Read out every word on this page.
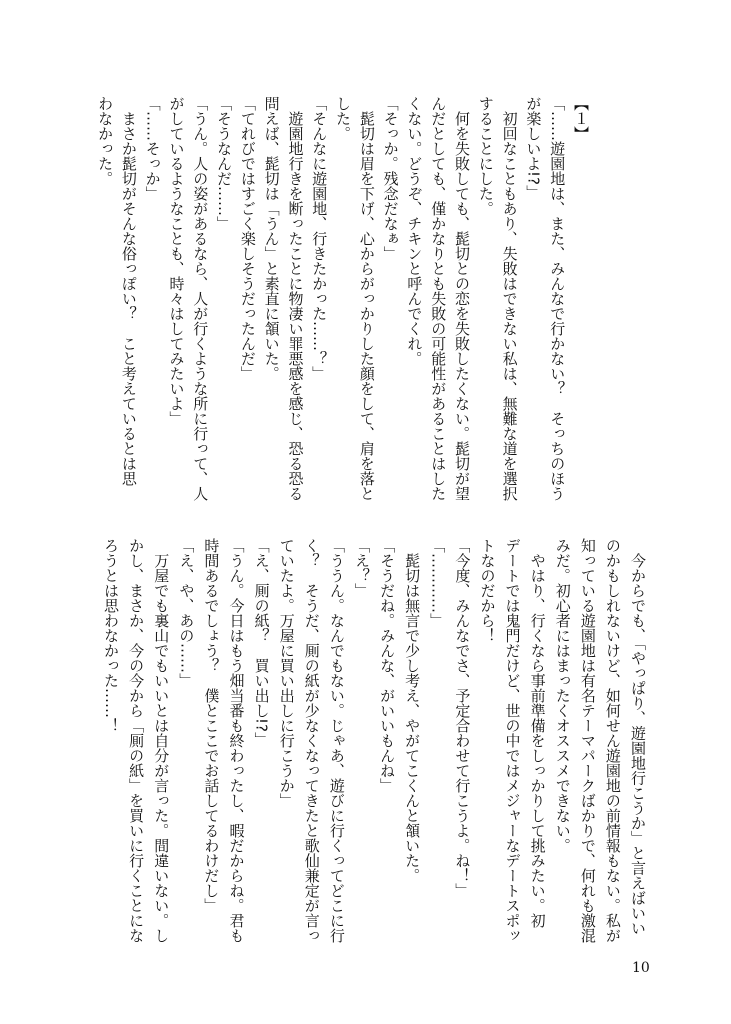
【１】
「……遊園地は、また、みんなで行かない？　そっちのほう
が楽しいよ!?」
　初回なこともあり、失敗はできない私は、無難な道を選択
することにした。
　何を失敗しても、髭切との恋を失敗したくない。髭切が望
んだとしても、僅かなりとも失敗の可能性があることはした
くない。どうぞ、チキンと呼んでくれ。
「そっか。残念だなぁ」
　髭切は眉を下げ、心からがっかりした顔をして、肩を落と
した。
「そんなに遊園地、行きたかった……？」
　遊園地行きを断ったことに物凄い罪悪感を感じ、恐る恐る
問えば、髭切は「うん」と素直に頷いた。
「てれびではすごく楽しそうだったんだ」
「そうなんだ……」
「うん。人の姿があるなら、人が行くような所に行って、人
がしているようなことも、時々はしてみたいよ」
「……そっか」
　まさか髭切がそんな俗っぽい？　こと考えているとは思
わなかった。
　今からでも、「やっぱり、遊園地行こうか」と言えばいい
のかもしれないけど、如何せん遊園地の前情報もない。私が
知っている遊園地は有名テーマパークばかりで、何れも激混
みだ。初心者にはまったくオススメできない。
　やはり、行くなら事前準備をしっかりして挑みたい。初
デートでは鬼門だけど、世の中ではメジャーなデートスポッ
トなのだから！
「今度、みんなでさ、予定合わせて行こうよ。ね！」
「…………」
　髭切は無言で少し考え、やがてこくんと頷いた。
「そうだね。みんな、がいいもんね」
「え？」
「ううん。なんでもない。じゃあ、遊びに行くってどこに行
く？　そうだ、厠の紙が少なくなってきたと歌仙兼定が言っ
ていたよ。万屋に買い出しに行こうか」
「え、厠の紙？　買い出し!?」
「うん。今日はもう畑当番も終わったし、暇だからね。君も
時間あるでしょう？　僕とここでお話してるわけだし」
「え、や、あの……」
　万屋でも裏山でもいいとは自分が言った。間違いない。し
かし、まさか、今の今から「厠の紙」を買いに行くことにな
ろうとは思わなかった……！
10
